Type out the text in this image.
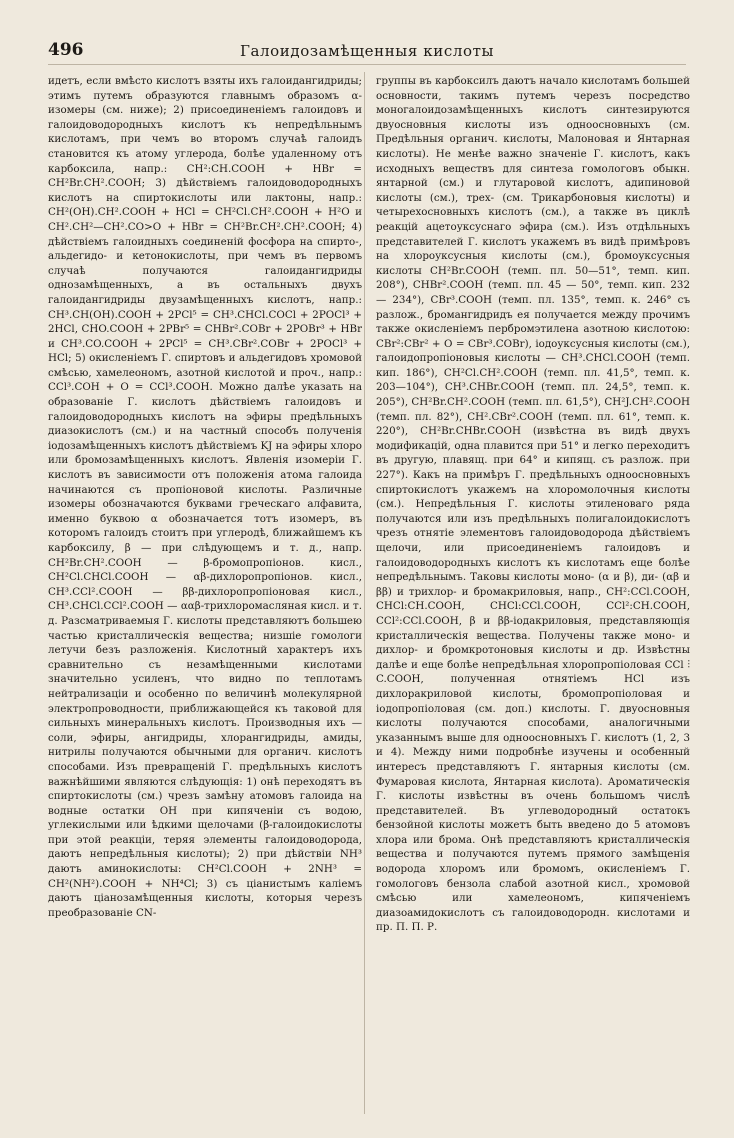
496	Галоидозамѣщенныя кислоты

идетъ, если вмѣсто кислотъ взяты ихъ галоидангидриды; этимъ путемъ образуются главнымъ образомъ α-изомеры (см. ниже); 2) присоединеніемъ галоидовъ и галоидоводородныхъ кислотъ къ непредѣльнымъ кислотамъ, при чемъ во второмъ случаѣ галоидъ становится къ атому углерода, болѣе удаленному отъ карбоксила, напр.: CH²:CH.COOH + HBr = CH²Br.CH².COOH; 3) дѣйствіемъ галоидоводородныхъ кислотъ на спиртокислоты или лактоны, напр.: CH²(OH).CH².COOH + HCl = CH²Cl.CH².COOH + H²O и CH².CH²—CH².CO>O + HBr = CH²Br.CH².CH².COOH; 4) дѣйствіемъ галоидныхъ соединеній фосфора на спирто-, альдегидо- и кетонокислоты, при чемъ въ первомъ случаѣ получаются галоидангидриды однозамѣщенныхъ, а въ остальныхъ двухъ галоидангидриды двузамѣщенныхъ кислотъ, напр.: CH³.CH(OH).COOH + 2PCl⁵ = CH³.CHCl.COCl + 2POCl³ + 2HCl, CHO.COOH + 2PBr⁵ = CHBr².COBr + 2POBr³ + HBr и CH³.CO.COOH + 2PCl⁵ = CH³.CBr².COBr + 2POCl³ + HCl; 5) окисленіемъ Г. спиртовъ и альдегидовъ хромовой смѣсью, хамелеономъ, азотной кислотой и проч., напр.: CCl³.COH + O = CCl³.COOH. Можно далѣе указать на образованіе Г. кислотъ дѣйствіемъ галоидовъ и галоидоводородныхъ кислотъ на эфиры предѣльныхъ диазокислотъ (см.) и на частный способъ полученія іодозамѣщенныхъ кислотъ дѣйствіемъ KJ на эфиры хлоро или бромозамѣщенныхъ кислотъ. Явленія изомеріи Г. кислотъ въ зависимости отъ положенія атома галоида начинаются съ пропіоновой кислоты. Различные изомеры обозначаются буквами греческаго алфавита, именно буквою α обозначается тотъ изомеръ, въ которомъ галоидъ стоитъ при углеродѣ, ближайшемъ къ карбоксилу, β — при слѣдующемъ и т. д., напр. CH²Br.CH².COOH — β-бромопропіонов. кисл., CH²Cl.CHCl.COOH — αβ-дихлоропропіонов. кисл., CH³.CCl².COOH — ββ-дихлоропропіоновая кисл., CH³.CHCl.CCl².COOH — ααβ-трихлоромасляная кисл. и т. д. Разсматриваемыя Г. кислоты представляютъ большею частью кристаллическія вещества; низшіе гомологи летучи безъ разложенія. Кислотный характеръ ихъ сравнительно съ незамѣщенными кислотами значительно усиленъ, что видно по теплотамъ нейтрализаціи и особенно по величинѣ молекулярной электропроводности, приближающейся къ таковой для сильныхъ минеральныхъ кислотъ. Производныя ихъ — соли, эфиры, ангидриды, хлорангидриды, амиды, нитрилы получаются обычными для органич. кислотъ способами. Изъ превращеній Г. предѣльныхъ кислотъ важнѣйшими являются слѣдующія: 1) онѣ переходятъ въ спиртокислоты (см.) чрезъ замѣну атомовъ галоида на водные остатки OH при кипяченіи съ водою, углекислыми или ѣдкими щелочами (β-галоидокислоты при этой реакціи, теряя элементы галоидоводорода, даютъ непредѣльныя кислоты); 2) при дѣйствіи NH³ даютъ аминокислоты: CH²Cl.COOH + 2NH³ = CH²(NH²).COOH + NH⁴Cl; 3) съ ціанистымъ каліемъ даютъ ціанозамѣщенныя кислоты, которыя черезъ преобразованіе CN-

группы въ карбоксилъ даютъ начало кислотамъ большей основности, такимъ путемъ черезъ посредство моногалоидозамѣщенныхъ кислотъ синтезируются двуосновныя кислоты изъ одноосновныхъ (см. Предѣльныя органич. кислоты, Малоновая и Янтарная кислоты). Не менѣе важно значеніе Г. кислотъ, какъ исходныхъ веществъ для синтеза гомологовъ обыкн. янтарной (см.) и глутаровой кислотъ, адипиновой кислоты (см.), трех- (см. Трикарбоновыя кислоты) и четырехосновныхъ кислотъ (см.), а также въ циклѣ реакцій ацетоуксуснаго эфира (см.). Изъ отдѣльныхъ представителей Г. кислотъ укажемъ въ видѣ примѣровъ на хлороуксусныя кислоты (см.), бромоуксусныя кислоты CH²Br.COOH (темп. пл. 50—51°, темп. кип. 208°), CHBr².COOH (темп. пл. 45 — 50°, темп. кип. 232 — 234°), CBr³.COOH (темп. пл. 135°, темп. к. 246° съ разлож., бромангидридъ ея получается между прочимъ также окисленіемъ пербромэтилена азотною кислотою: CBr²:CBr² + O = CBr³.COBr), іодоуксусныя кислоты (см.), галоидопропіоновыя кислоты — CH³.CHCl.COOH (темп. кип. 186°), CH²Cl.CH².COOH (темп. пл. 41,5°, темп. к. 203—104°), CH³.CHBr.COOH (темп. пл. 24,5°, темп. к. 205°), CH²Br.CH².COOH (темп. пл. 61,5°), CH²J.CH².COOH (темп. пл. 82°), CH².CBr².COOH (темп. пл. 61°, темп. к. 220°), CH²Br.CHBr.COOH (извѣстна въ видѣ двухъ модификацій, одна плавится при 51° и легко переходитъ въ другую, плавящ. при 64° и кипящ. съ разлож. при 227°). Какъ на примѣръ Г. предѣльныхъ одноосновныхъ спиртокислотъ укажемъ на хлоромолочныя кислоты (см.). Непредѣльныя Г. кислоты этиленоваго ряда получаются или изъ предѣльныхъ полигалоидокислотъ чрезъ отнятіе элементовъ галоидоводорода дѣйствіемъ щелочи, или присоединеніемъ галоидовъ и галоидоводородныхъ кислотъ къ кислотамъ еще болѣе непредѣльнымъ. Таковы кислоты моно- (α и β), ди- (αβ и ββ) и трихлор- и бромакриловыя, напр., CH²:CCl.COOH, CHCl:CH.COOH, CHCl:CCl.COOH, CCl²:CH.COOH, CCl²:CCl.COOH, β и ββ-іодакриловыя, представляющія кристаллическія вещества. Получены также моно- и дихлор- и бромкротоновыя кислоты и др. Извѣстны далѣе и еще болѣе непредѣльная хлоропропіоловая CCl ⫶ C.COOH, полученная отнятіемъ HCl изъ дихлоракриловой кислоты, бромопропіоловая и іодопропіоловая (см. доп.) кислоты. Г. двуосновныя кислоты получаются способами, аналогичными указаннымъ выше для одноосновныхъ Г. кислотъ (1, 2, 3 и 4). Между ними подробнѣе изучены и особенный интересъ представляютъ Г. янтарныя кислоты (см. Фумаровая кислота, Янтарная кислота). Ароматическія Г. кислоты извѣстны въ очень большомъ числѣ представителей. Въ углеводородный остатокъ бензойной кислоты можетъ быть введено до 5 атомовъ хлора или брома. Онѣ представляютъ кристаллическія вещества и получаются путемъ прямого замѣщенія водорода хлоромъ или бромомъ, окисленіемъ Г. гомологовъ бензола слабой азотной кисл., хромовой смѣсью или хамелеономъ, кипяченіемъ диазоамидокислотъ съ галоидоводородн. кислотами и пр. П. П. Р.
